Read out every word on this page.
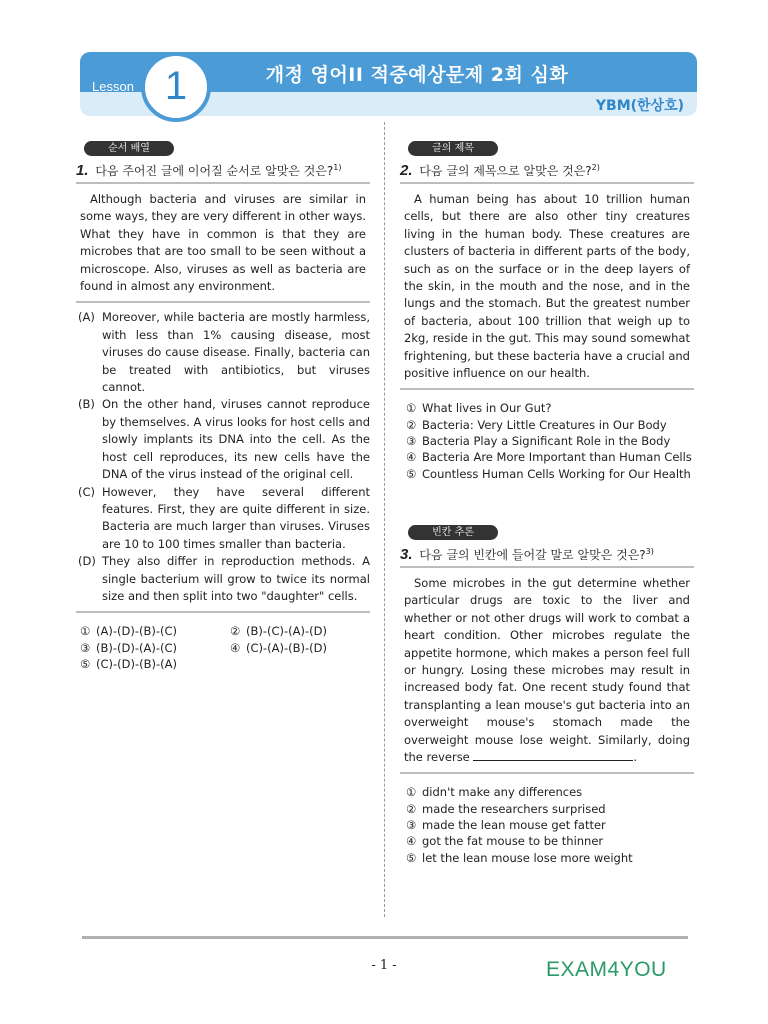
Lesson 1	개정 영어II 적중예상문제 2회 심화
YBM(한상호)
순서 배열
1. 다음 주어진 글에 이어질 순서로 알맞은 것은?$^{1)}$
Although bacteria and viruses are similar in some ways, they are very different in other ways. What they have in common is that they are microbes that are too small to be seen without a microscope. Also, viruses as well as bacteria are found in almost any environment.
(A) Moreover, while bacteria are mostly harmless, with less than 1% causing disease, most viruses do cause disease. Finally, bacteria can be treated with antibiotics, but viruses cannot.
(B) On the other hand, viruses cannot reproduce by themselves. A virus looks for host cells and slowly implants its DNA into the cell. As the host cell reproduces, its new cells have the DNA of the virus instead of the original cell.
(C) However, they have several different features. First, they are quite different in size. Bacteria are much larger than viruses. Viruses are 10 to 100 times smaller than bacteria.
(D) They also differ in reproduction methods. A single bacterium will grow to twice its normal size and then split into two "daughter" cells.
① (A)-(D)-(B)-(C)	② (B)-(C)-(A)-(D)
③ (B)-(D)-(A)-(C)	④ (C)-(A)-(B)-(D)
⑤ (C)-(D)-(B)-(A)
글의 제목
2. 다음 글의 제목으로 알맞은 것은?$^{2)}$
A human being has about 10 trillion human cells, but there are also other tiny creatures living in the human body. These creatures are clusters of bacteria in different parts of the body, such as on the surface or in the deep layers of the skin, in the mouth and the nose, and in the lungs and the stomach. But the greatest number of bacteria, about 100 trillion that weigh up to 2kg, reside in the gut. This may sound somewhat frightening, but these bacteria have a crucial and positive influence on our health.
① What lives in Our Gut?
② Bacteria: Very Little Creatures in Our Body
③ Bacteria Play a Significant Role in the Body
④ Bacteria Are More Important than Human Cells
⑤ Countless Human Cells Working for Our Health
빈칸 추론
3. 다음 글의 빈칸에 들어갈 말로 알맞은 것은?$^{3)}$
Some microbes in the gut determine whether particular drugs are toxic to the liver and whether or not other drugs will work to combat a heart condition. Other microbes regulate the appetite hormone, which makes a person feel full or hungry. Losing these microbes may result in increased body fat. One recent study found that transplanting a lean mouse's gut bacteria into an overweight mouse's stomach made the overweight mouse lose weight. Similarly, doing the reverse	.
① didn't make any differences
② made the researchers surprised
③ made the lean mouse get fatter
④ got the fat mouse to be thinner
⑤ let the lean mouse lose more weight
- 1 -	EXAM4YOU
